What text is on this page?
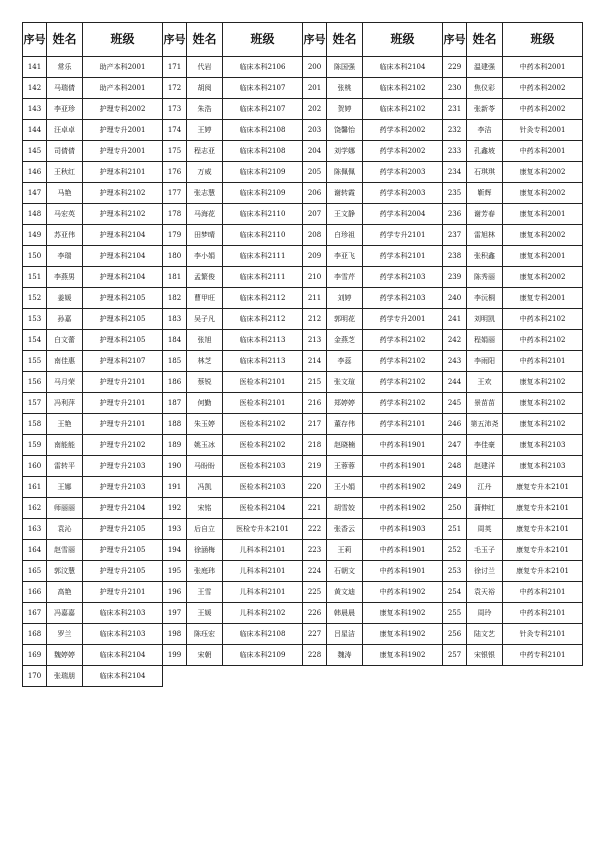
序号	姓名	班级	序号	姓名	班级	序号	姓名	班级	序号	姓名	班级
141	常乐	助产本科2001	171	代岩	临床本科2106	200	陈国强	临床本科2104	229	温建强	中药本科2001
142	马瑞倩	助产本科2001	172	胡阅	临床本科2107	201	张桃	临床本科2102	230	焦仪彩	中药本科2002
143	李亚珍	护理专科2002	173	朱浩	临床本科2107	202	贺婷	临床本科2102	231	张新苓	中药本科2002
144	汪卓卓	护理专升2001	174	王婷	临床本科2108	203	饶馨怡	药学本科2002	232	李洁	针灸专科2001
145	司倩倩	护理专升2001	175	程志亚	临床本科2108	204	刘学娜	药学本科2002	233	孔鑫坡	中药本科2001
146	王秋红	护理本科2101	176	万威	临床本科2109	205	陈佩佩	药学本科2003	234	石琪琪	康复本科2002
147	马艳	护理本科2102	177	张志慧	临床本科2109	206	谢转霞	药学本科2003	235	靳辉	康复本科2002
148	马宏英	护理本科2102	178	马海花	临床本科2110	207	王文静	药学本科2004	236	谢芳春	康复本科2001
149	苏亚伟	护理本科2104	179	田梦晴	临床本科2110	208	白珍祖	药学专升2101	237	雷旭林	康复本科2002
150	李瑞	护理本科2104	180	李小娟	临床本科2111	209	李亚飞	药学本科2101	238	张积鑫	康复本科2001
151	李燕男	护理本科2104	181	孟繁俊	临床本科2111	210	李雪芹	药学本科2103	239	陈秀丽	康复本科2002
152	姜媛	护理本科2105	182	曹甲旺	临床本科2112	211	刘婷	药学本科2103	240	李沅桐	康复专科2001
153	孙嘉	护理本科2105	183	吴子凡	临床本科2112	212	郭明花	药学专升2001	241	刘明凯	中药本科2102
154	白文蕾	护理本科2105	184	张旭	临床本科2113	213	金燕芝	药学本科2102	242	程娟丽	中药本科2102
155	南佳惠	护理本科2107	185	林芝	临床本科2113	214	李蕊	药学本科2102	243	李雨阳	中药本科2101
156	马月荣	护理专升2101	186	蔡锐	医检本科2101	215	张文瑄	药学本科2102	244	王欢	康复本科2102
157	冯利萍	护理专升2101	187	何勤	医检本科2101	216	郑婷婷	药学本科2102	245	景苗苗	康复本科2102
158	王艳	护理专升2101	188	朱玉婷	医检本科2102	217	董存伟	药学本科2101	246	第五沛尧	康复本科2102
159	南能能	护理专升2102	189	姚玉冰	医检本科2102	218	赵晓楠	中药本科1901	247	李佳豪	康复本科2103
160	雷转平	护理专升2103	190	马盼盼	医检本科2103	219	王蓉蓉	中药本科1901	248	赵建洋	康复本科2103
161	王娜	护理专升2103	191	冯凯	医检本科2103	220	王小娟	中药本科1902	249	江丹	康复专升本2101
162	师丽丽	护理专升2104	192	宋铭	医检本科2104	221	胡雪姣	中药本科1902	250	蒲伸红	康复专升本2101
163	袁沁	护理专升2105	193	后自立	医检专升本2101	222	张香云	中药本科1903	251	周英	康复专升本2101
164	赵雪丽	护理专升2105	194	徐涵梅	儿科本科2101	223	王莉	中药本科1901	252	毛玉子	康复专升本2101
165	郭汶慧	护理专升2105	195	张庭玮	儿科本科2101	224	石朝文	中药本科1901	253	徐讨兰	康复专升本2101
166	高艳	护理专升2101	196	王雪	儿科本科2101	225	黄文迪	中药本科1902	254	袁天裕	中药本科2101
167	冯嘉嘉	临床本科2103	197	王媛	儿科本科2102	226	韩晨晨	康复本科1902	255	周玲	中药本科2101
168	罗兰	临床本科2103	198	陈珏宏	临床本科2108	227	吕星洁	康复本科1902	256	陆文艺	针灸专科2101
169	魏婷婷	临床本科2104	199	宋朝	临床本科2109	228	魏涛	康复本科1902	257	宋银银	中药专科2101
170	张瑞朋	临床本科2104									
